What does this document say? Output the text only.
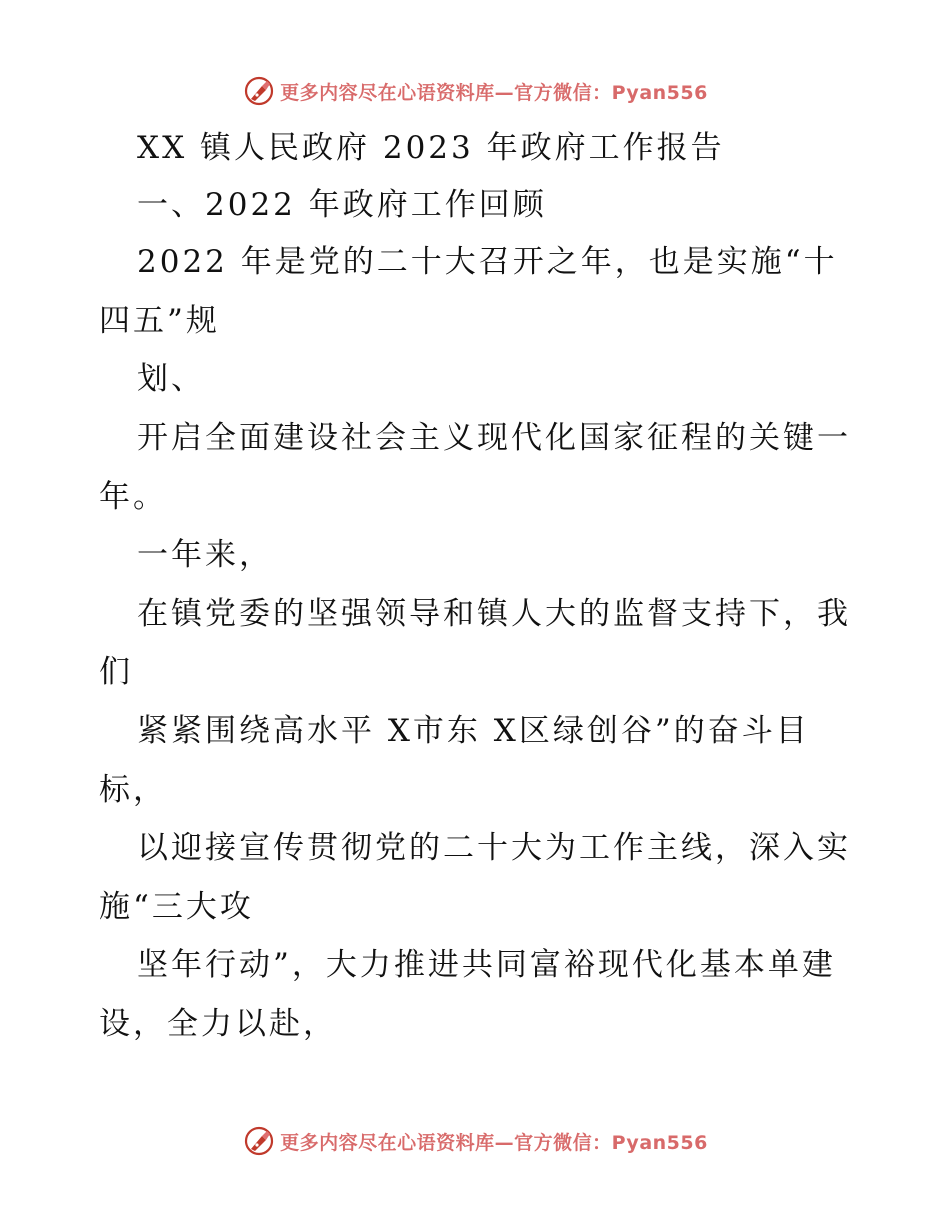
更多内容尽在心语资料库—官方微信：Pyan556
XX 镇人民政府 2023 年政府工作报告
一、2022 年政府工作回顾
2022 年是党的二十大召开之年，也是实施“十
四五”规
划、
开启全面建设社会主义现代化国家征程的关键一
年。
一年来，
在镇党委的坚强领导和镇人大的监督支持下，我
们
紧紧围绕高水平 X市东 X区绿创谷”的奋斗目
标，
以迎接宣传贯彻党的二十大为工作主线，深入实
施“三大攻
坚年行动”，大力推进共同富裕现代化基本单建
设，全力以赴，
更多内容尽在心语资料库—官方微信：Pyan556
